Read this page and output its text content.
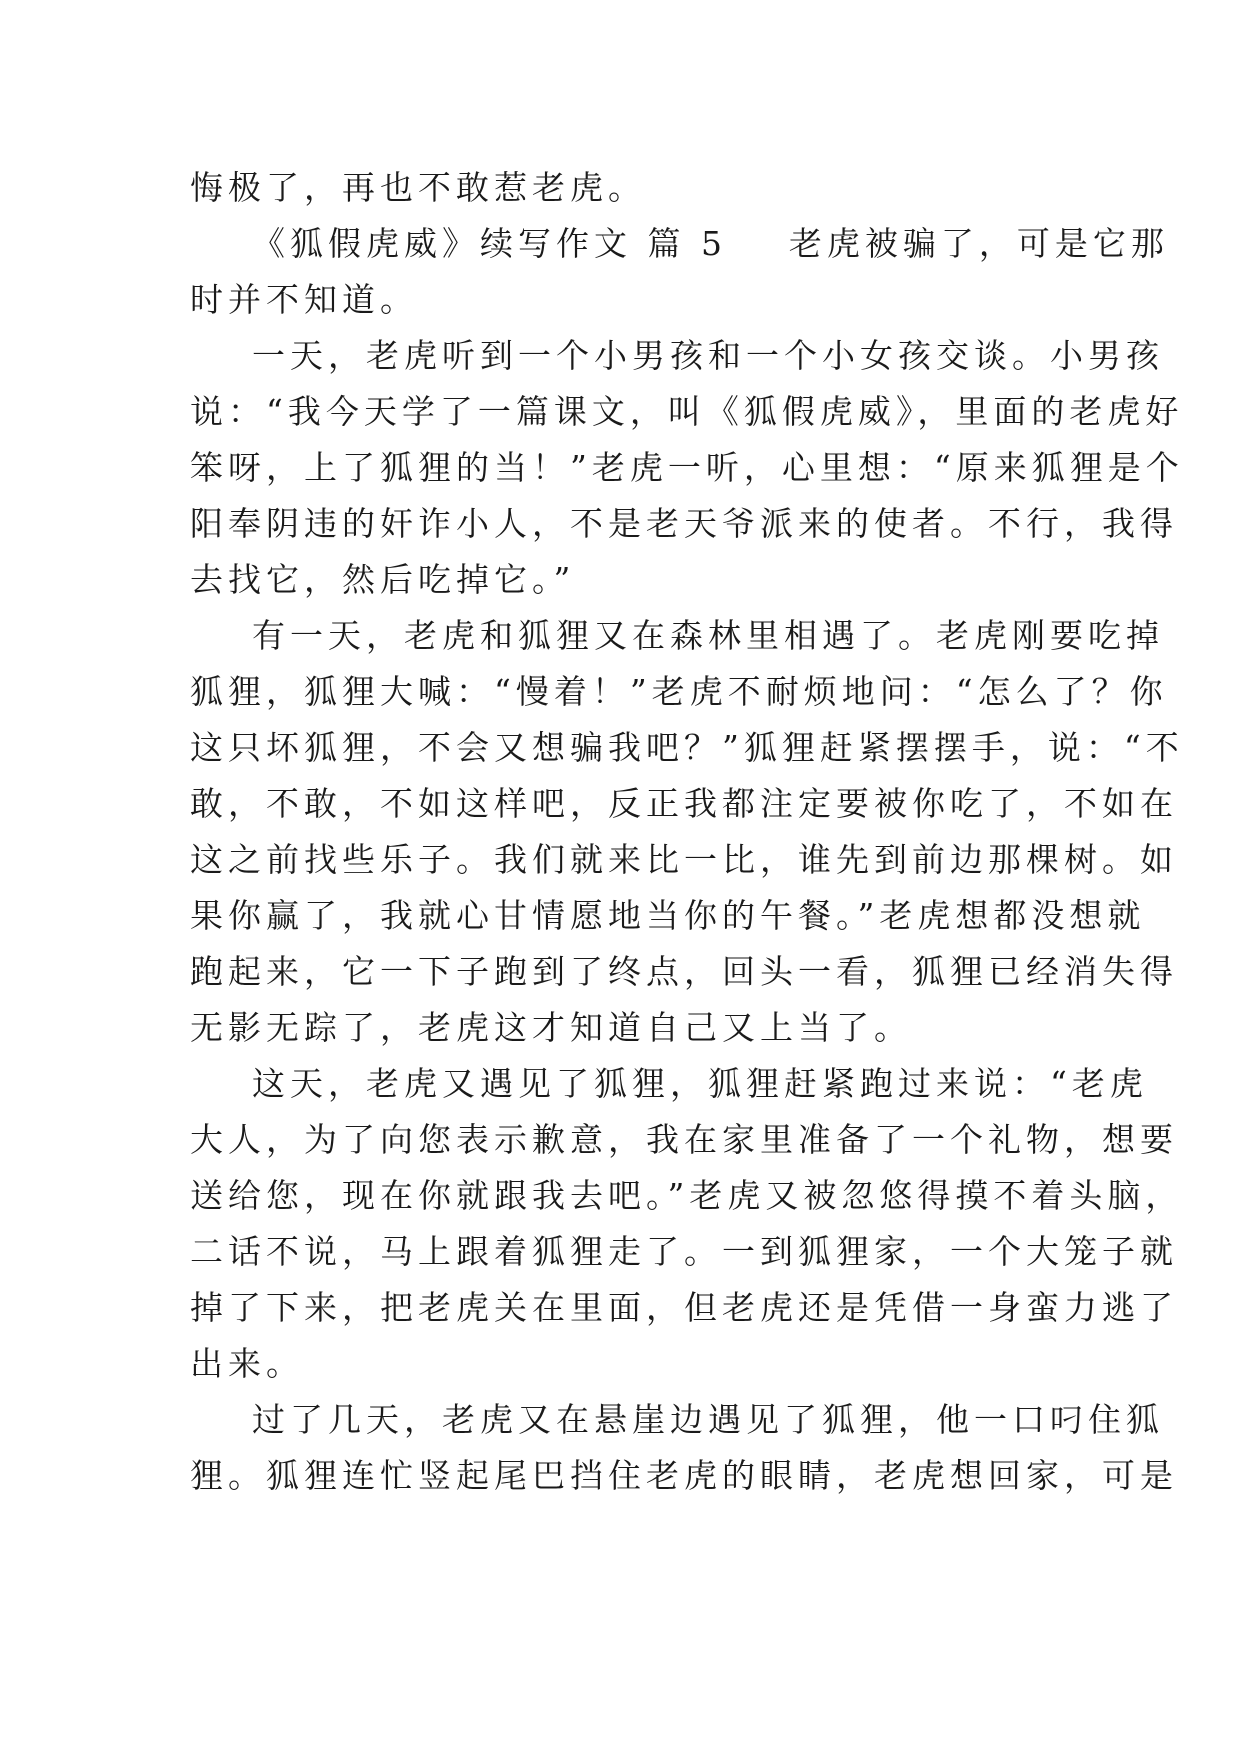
悔极了，再也不敢惹老虎。

《狐假虎威》续写作文 篇 5    老虎被骗了，可是它那

时并不知道。

一天，老虎听到一个小男孩和一个小女孩交谈。小男孩

说：“我今天学了一篇课文，叫《狐假虎威》，里面的老虎好

笨呀，上了狐狸的当！”老虎一听，心里想：“原来狐狸是个

阳奉阴违的奸诈小人，不是老天爷派来的使者。不行，我得

去找它，然后吃掉它。”

有一天，老虎和狐狸又在森林里相遇了。老虎刚要吃掉

狐狸，狐狸大喊：“慢着！”老虎不耐烦地问：“怎么了？你

这只坏狐狸，不会又想骗我吧？”狐狸赶紧摆摆手，说：“不

敢，不敢，不如这样吧，反正我都注定要被你吃了，不如在

这之前找些乐子。我们就来比一比，谁先到前边那棵树。如

果你赢了，我就心甘情愿地当你的午餐。”老虎想都没想就

跑起来，它一下子跑到了终点，回头一看，狐狸已经消失得

无影无踪了，老虎这才知道自己又上当了。

这天，老虎又遇见了狐狸，狐狸赶紧跑过来说：“老虎

大人，为了向您表示歉意，我在家里准备了一个礼物，想要

送给您，现在你就跟我去吧。”老虎又被忽悠得摸不着头脑，

二话不说，马上跟着狐狸走了。一到狐狸家，一个大笼子就

掉了下来，把老虎关在里面，但老虎还是凭借一身蛮力逃了

出来。

过了几天，老虎又在悬崖边遇见了狐狸，他一口叼住狐

狸。狐狸连忙竖起尾巴挡住老虎的眼睛，老虎想回家，可是
